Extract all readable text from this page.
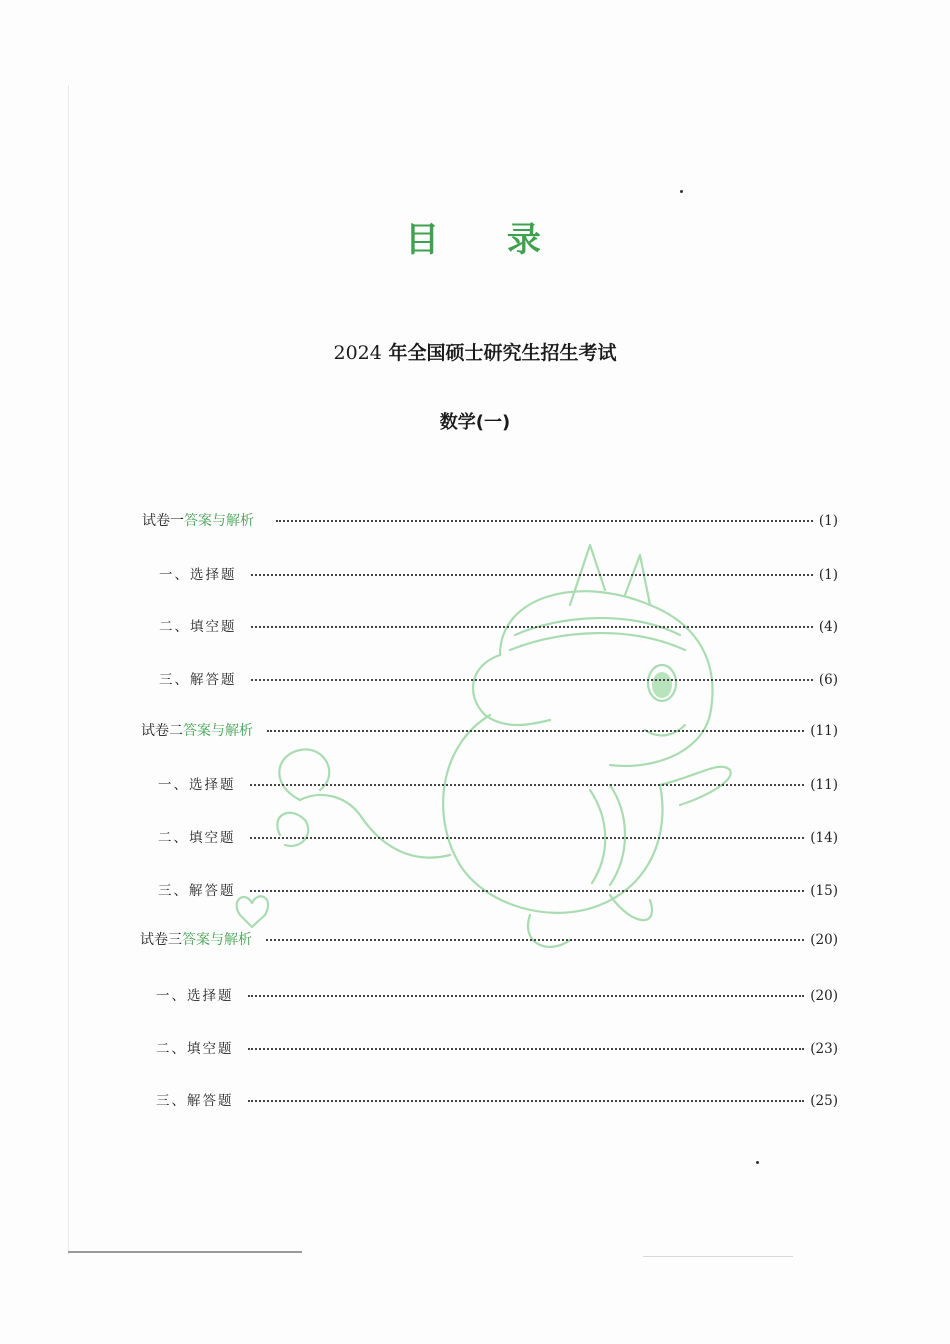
目 录
2024 年全国硕士研究生招生考试
数学(一)
试卷一 答案与解析	(1)
一、选择题	(1)
二、填空题	(4)
三、解答题	(6)
试卷二 答案与解析	(11)
一、选择题	(11)
二、填空题	(14)
三、解答题	(15)
试卷三 答案与解析	(20)
一、选择题	(20)
二、填空题	(23)
三、解答题	(25)
